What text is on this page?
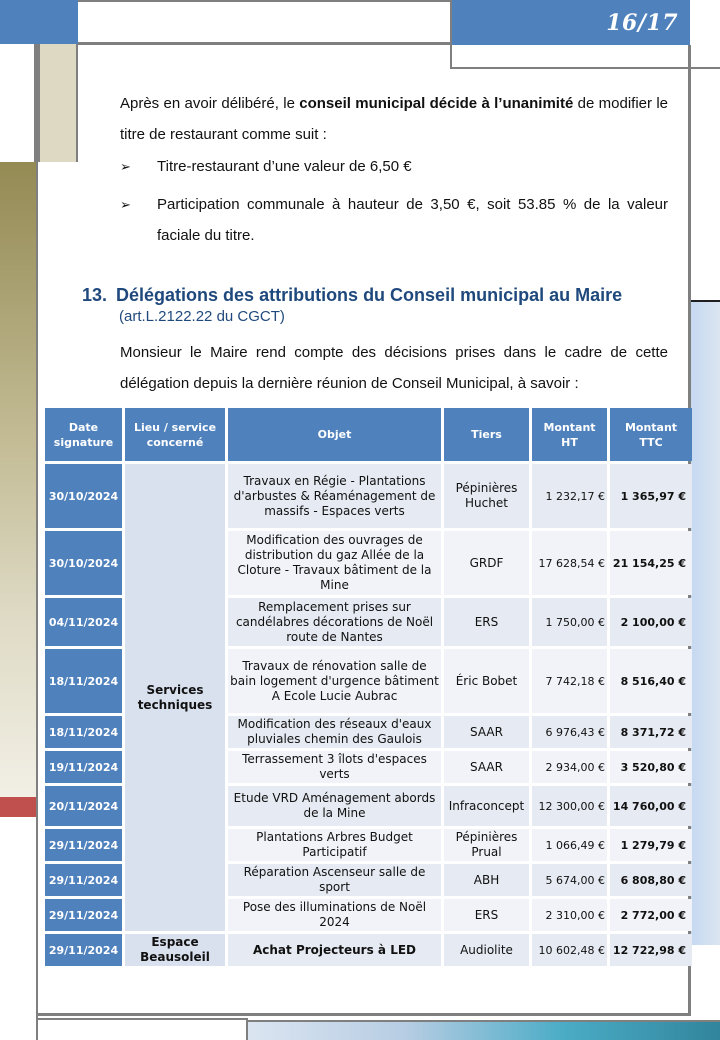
16/17

Après en avoir délibéré, le conseil municipal décide à l’unanimité de modifier le titre de restaurant comme suit :

➢	Titre-restaurant d’une valeur de 6,50 €
➢	Participation communale à hauteur de 3,50 €, soit 53.85 % de la valeur faciale du titre.
13. Délégations des attributions du Conseil municipal au Maire
(art.L.2122.22 du CGCT)

Monsieur le Maire rend compte des décisions prises dans le cadre de cette délégation depuis la dernière réunion de Conseil Municipal, à savoir :

Date signature	Lieu / service concerné	Objet	Tiers	Montant HT	Montant TTC
30/10/2024	Services techniques	Travaux en Régie - Plantations d'arbustes & Réaménagement de massifs - Espaces verts	Pépinières Huchet	1 232,17 €	1 365,97 €
30/10/2024		Modification des ouvrages de distribution du gaz Allée de la Cloture - Travaux bâtiment de la Mine	GRDF	17 628,54 €	21 154,25 €
04/11/2024		Remplacement prises sur candélabres décorations de Noël route de Nantes	ERS	1 750,00 €	2 100,00 €
18/11/2024		Travaux de rénovation salle de bain logement d'urgence bâtiment A Ecole Lucie Aubrac	Éric Bobet	7 742,18 €	8 516,40 €
18/11/2024		Modification des réseaux d'eaux pluviales chemin des Gaulois	SAAR	6 976,43 €	8 371,72 €
19/11/2024		Terrassement 3 îlots d'espaces verts	SAAR	2 934,00 €	3 520,80 €
20/11/2024		Etude VRD Aménagement abords de la Mine	Infraconcept	12 300,00 €	14 760,00 €
29/11/2024		Plantations Arbres Budget Participatif	Pépinières Prual	1 066,49 €	1 279,79 €
29/11/2024		Réparation Ascenseur salle de sport	ABH	5 674,00 €	6 808,80 €
29/11/2024		Pose des illuminations de Noël 2024	ERS	2 310,00 €	2 772,00 €
29/11/2024	Espace Beausoleil	Achat Projecteurs à LED	Audiolite	10 602,48 €	12 722,98 €
